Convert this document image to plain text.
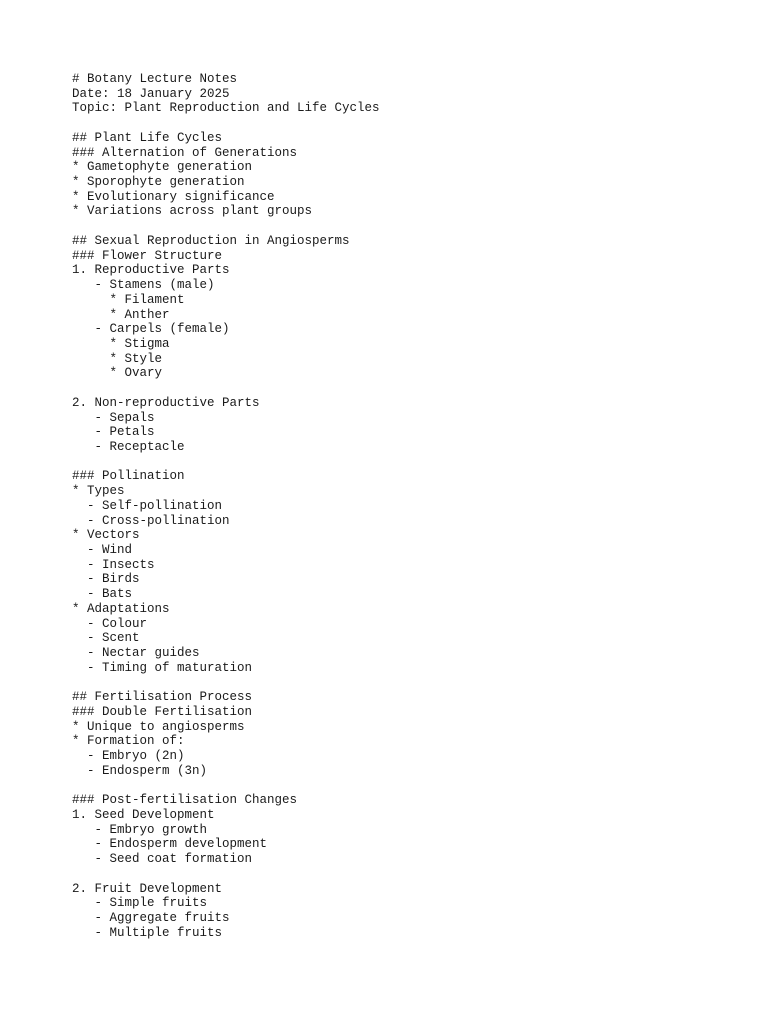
# Botany Lecture Notes
Date: 18 January 2025
Topic: Plant Reproduction and Life Cycles
## Plant Life Cycles
### Alternation of Generations
* Gametophyte generation
* Sporophyte generation
* Evolutionary significance
* Variations across plant groups
## Sexual Reproduction in Angiosperms
### Flower Structure
1. Reproductive Parts
- Stamens (male)
* Filament
* Anther
- Carpels (female)
* Stigma
* Style
* Ovary
2. Non-reproductive Parts
- Sepals
- Petals
- Receptacle
### Pollination
* Types
- Self-pollination
- Cross-pollination
* Vectors
- Wind
- Insects
- Birds
- Bats
* Adaptations
- Colour
- Scent
- Nectar guides
- Timing of maturation
## Fertilisation Process
### Double Fertilisation
* Unique to angiosperms
* Formation of:
- Embryo (2n)
- Endosperm (3n)
### Post-fertilisation Changes
1. Seed Development
- Embryo growth
- Endosperm development
- Seed coat formation
2. Fruit Development
- Simple fruits
- Aggregate fruits
- Multiple fruits
